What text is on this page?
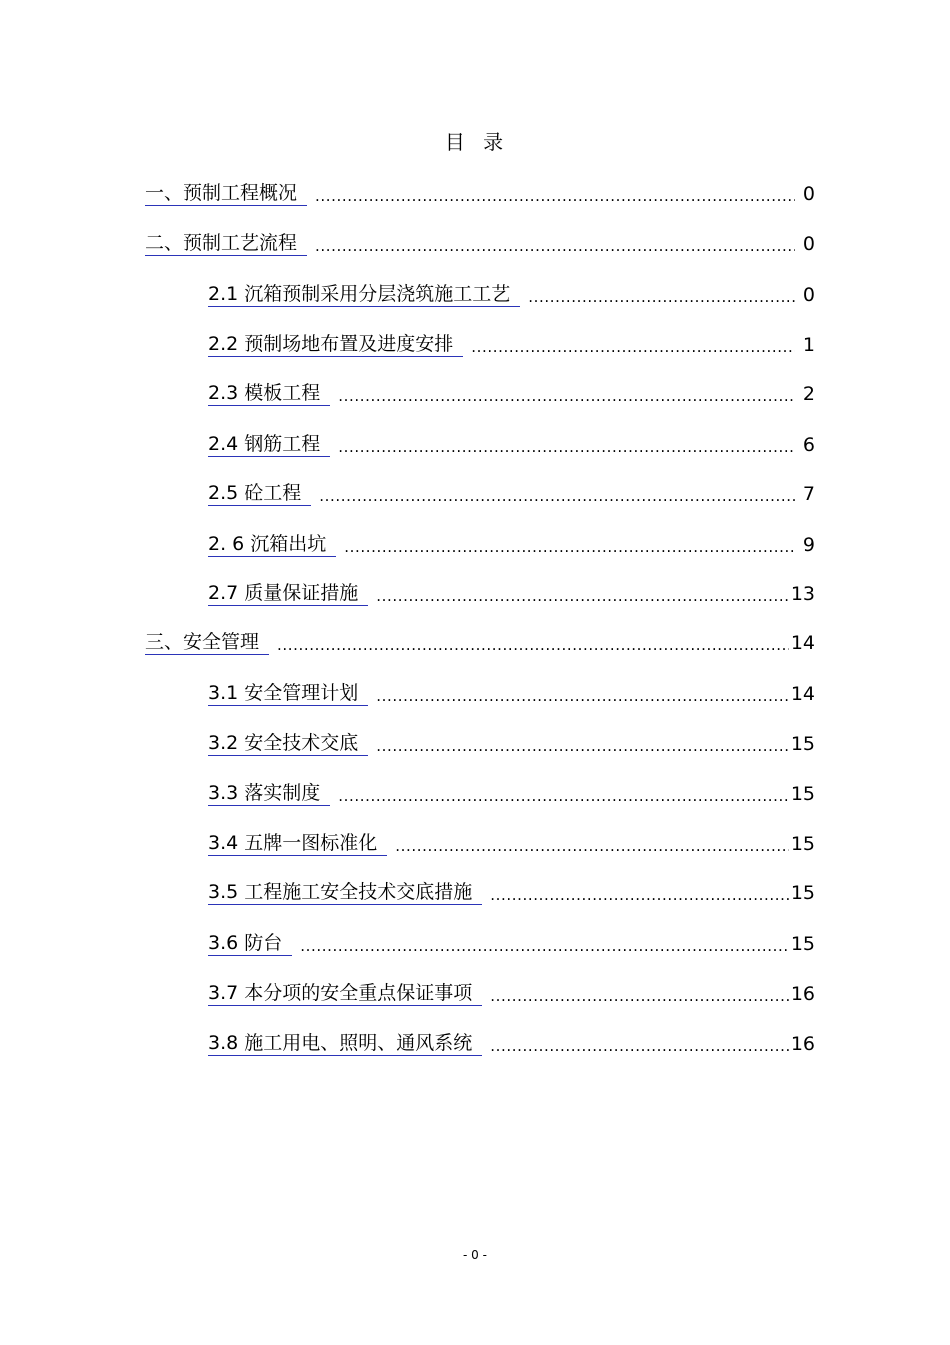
目 录
一、预制工程概况 .....	0
二、预制工艺流程 .....	0
2.1 沉箱预制采用分层浇筑施工工艺 .....	0
2.2 预制场地布置及进度安排 .....	1
2.3 模板工程 .....	2
2.4 钢筋工程 .....	6
2.5 砼工程 .....	7
2. 6 沉箱出坑 .....	9
2.7 质量保证措施 .....	13
三、安全管理 .....	14
3.1 安全管理计划 .....	14
3.2 安全技术交底 .....	15
3.3 落实制度 .....	15
3.4 五牌一图标准化 .....	15
3.5 工程施工安全技术交底措施 .....	15
3.6 防台 .....	15
3.7 本分项的安全重点保证事项 .....	16
3.8 施工用电、照明、通风系统 .....	16
- 0 -
